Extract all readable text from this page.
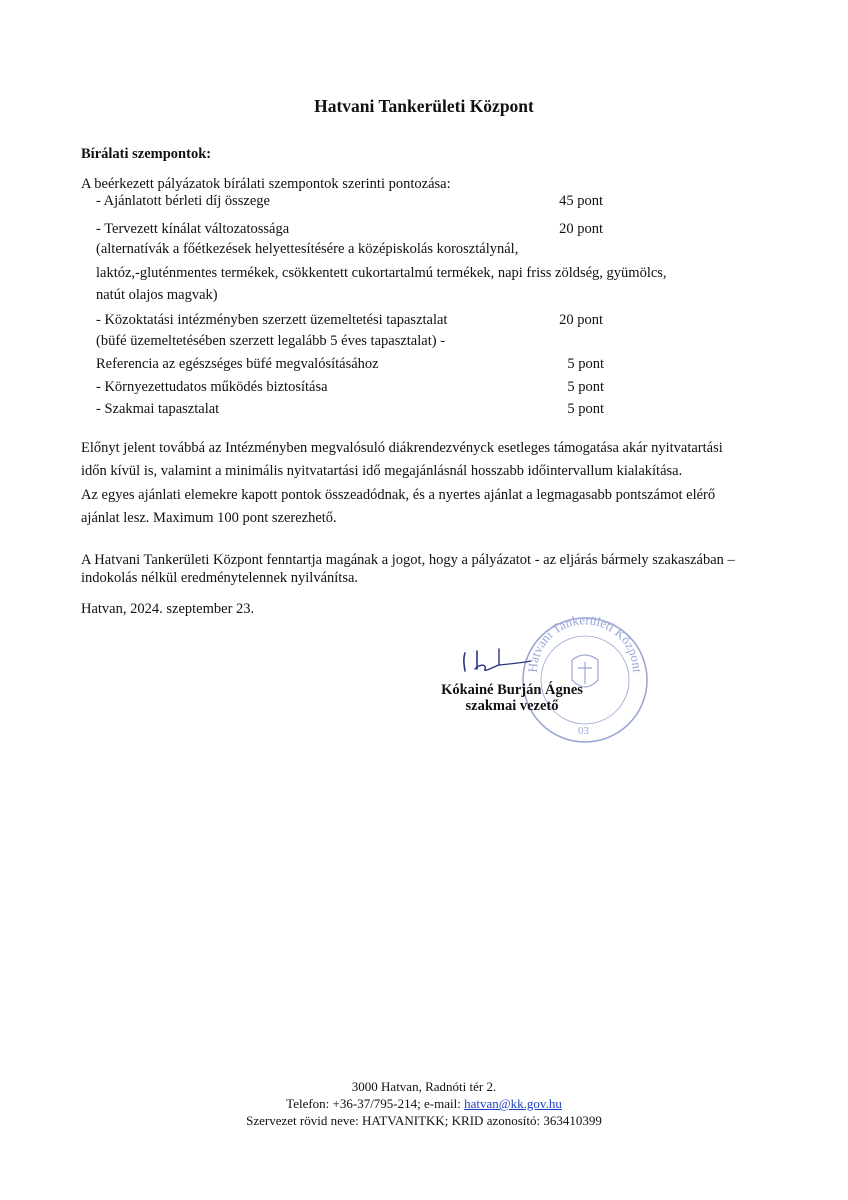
Hatvani Tankerületi Központ
Bírálati szempontok:
A beérkezett pályázatok bírálati szempontok szerinti pontozása:
- Ajánlatott bérleti díj összege	45 pont
- Tervezett kínálat változatossága	20 pont
(alternatívák a főétkezések helyettesítésére a középiskolás korosztálynál,
laktóz,-gluténmentes termékek, csökkentett cukortartalmú termékek, napi friss zöldség, gyümölcs,
natút olajos magvak)
- Közoktatási intézményben szerzett üzemeltetési tapasztalat	20 pont
(büfé üzemeltetésében szerzett legalább 5 éves tapasztalat) -
Referencia az egészséges büfé megvalósításához	5 pont
- Környezettudatos működés biztosítása	5 pont
- Szakmai tapasztalat	5 pont
Előnyt jelent továbbá az Intézményben megvalósuló diákrendezvényck esetleges támogatása akár nyitvatartási
időn kívül is, valamint a minimális nyitvatartási idő megajánlásnál hosszabb időintervallum kialakítása.
Az egyes ajánlati elemekre kapott pontok összeadódnak, és a nyertes ajánlat a legmagasabb pontszámot elérő
ajánlat lesz. Maximum 100 pont szerezhető.
A Hatvani Tankerületi Központ fenntartja magának a jogot, hogy a pályázatot - az eljárás bármely szakaszában –
indokolás nélkül eredménytelennek nyilvánítsa.
Hatvan, 2024. szeptember 23.
Hatvani Tankerületi Központ
03
Kókainé Burján Ágnes
szakmai vezető
3000 Hatvan, Radnóti tér 2.
Telefon: +36-37/795-214; e-mail: hatvan@kk.gov.hu
Szervezet rövid neve: HATVANITKK; KRID azonosító: 363410399
